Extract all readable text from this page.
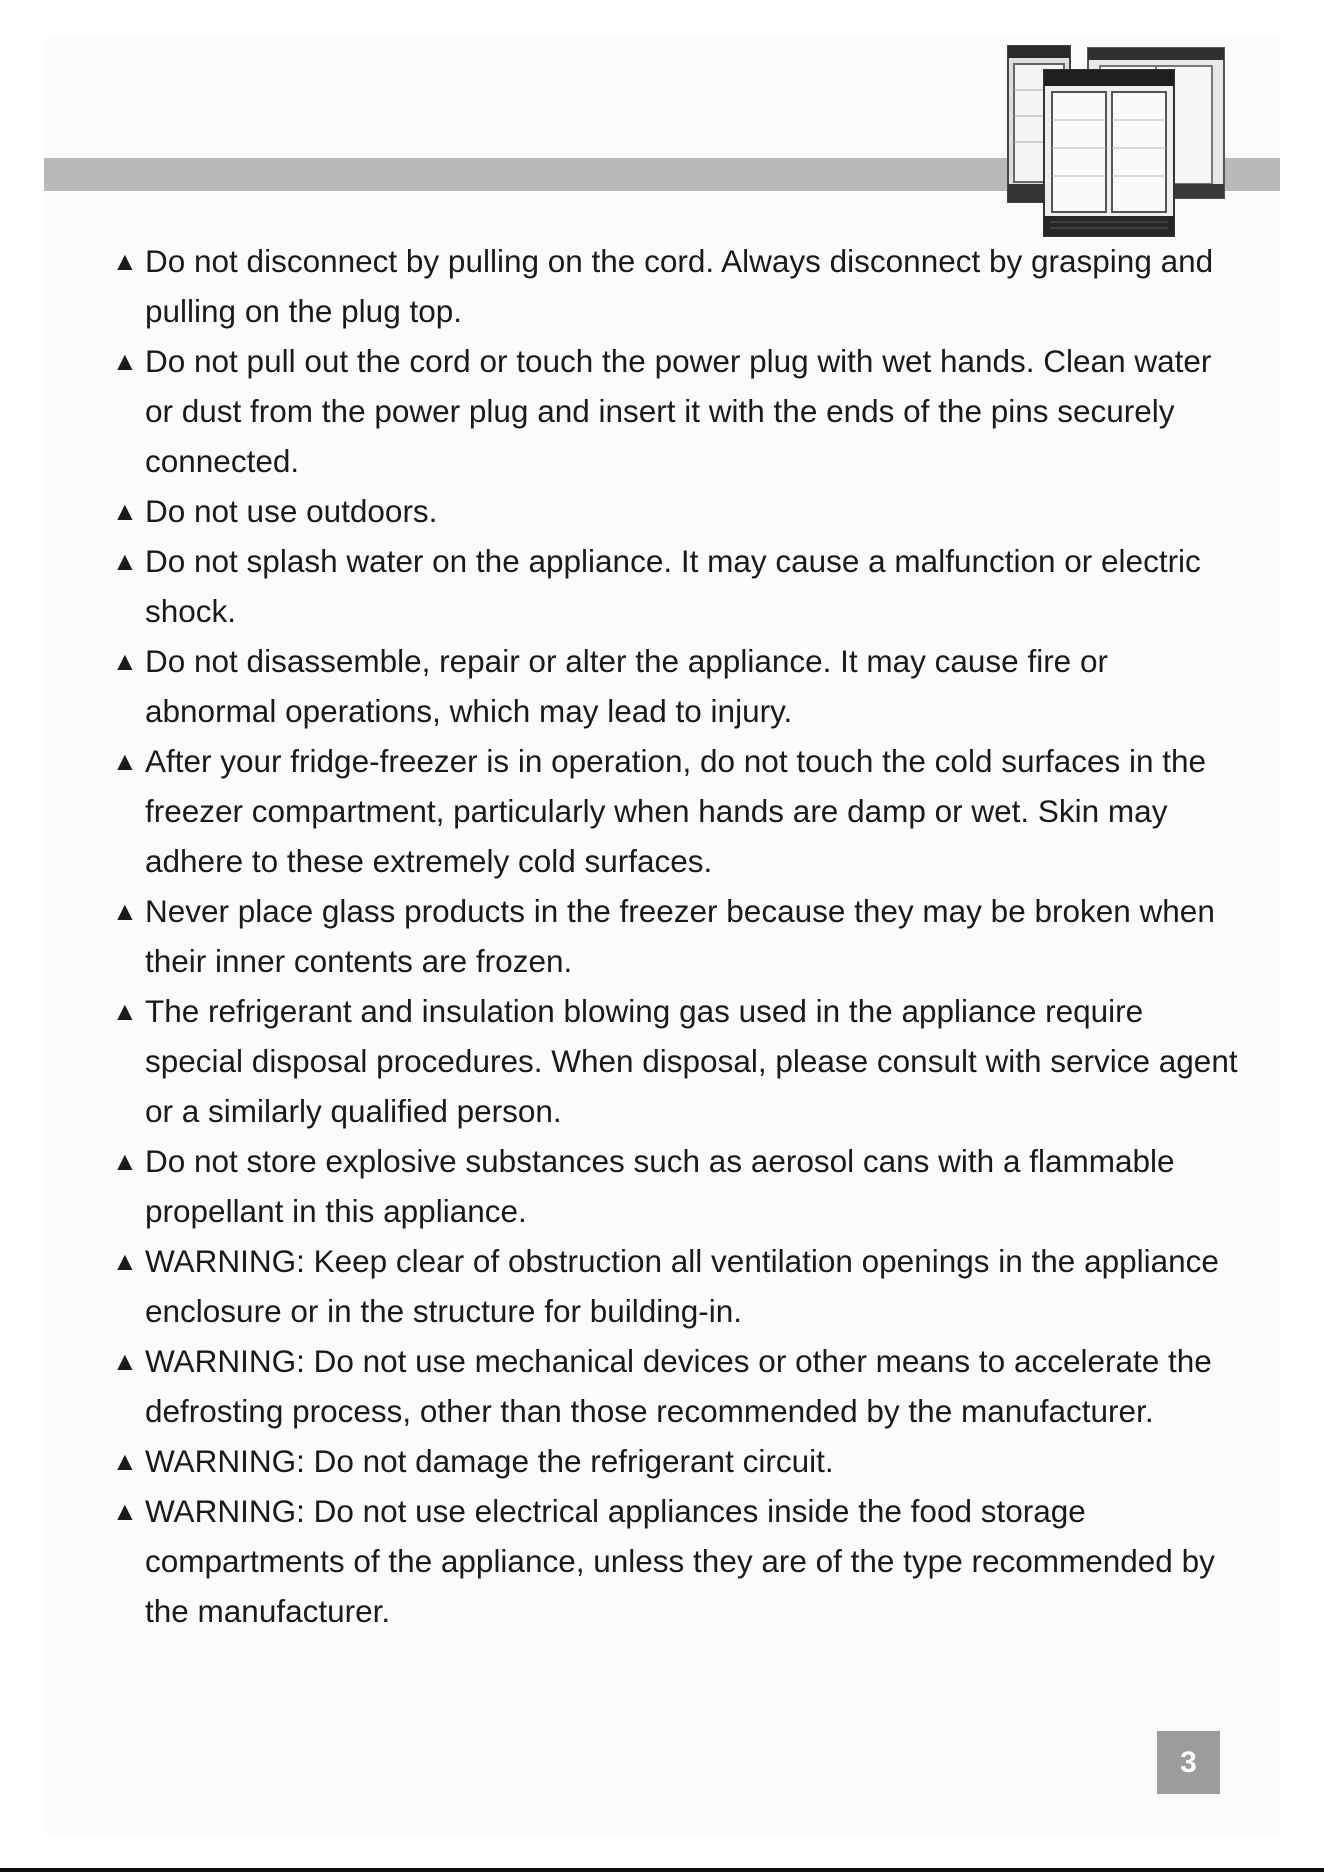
▲ Do not disconnect by pulling on the cord. Always disconnect by grasping and pulling on the plug top.
▲ Do not pull out the cord or touch the power plug with wet hands. Clean water or dust from the power plug and insert it with the ends of the pins securely connected.
▲ Do not use outdoors.
▲ Do not splash water on the appliance. It may cause a malfunction or electric shock.
▲ Do not disassemble, repair or alter the appliance. It may cause fire or abnormal operations, which may lead to injury.
▲ After your fridge-freezer is in operation, do not touch the cold surfaces in the freezer compartment, particularly when hands are damp or wet. Skin may adhere to these extremely cold surfaces.
▲ Never place glass products in the freezer because they may be broken when their inner contents are frozen.
▲ The refrigerant and insulation blowing gas used in the appliance require special disposal procedures. When disposal, please consult with service agent or a similarly qualified person.
▲ Do not store explosive substances such as aerosol cans with a flammable propellant in this appliance.
▲ WARNING: Keep clear of obstruction all ventilation openings in the appliance enclosure or in the structure for building-in.
▲ WARNING: Do not use mechanical devices or other means to accelerate the defrosting process, other than those recommended by the manufacturer.
▲ WARNING: Do not damage the refrigerant circuit.
▲ WARNING: Do not use electrical appliances inside the food storage compartments of the appliance, unless they are of the type recommended by the manufacturer.
3
